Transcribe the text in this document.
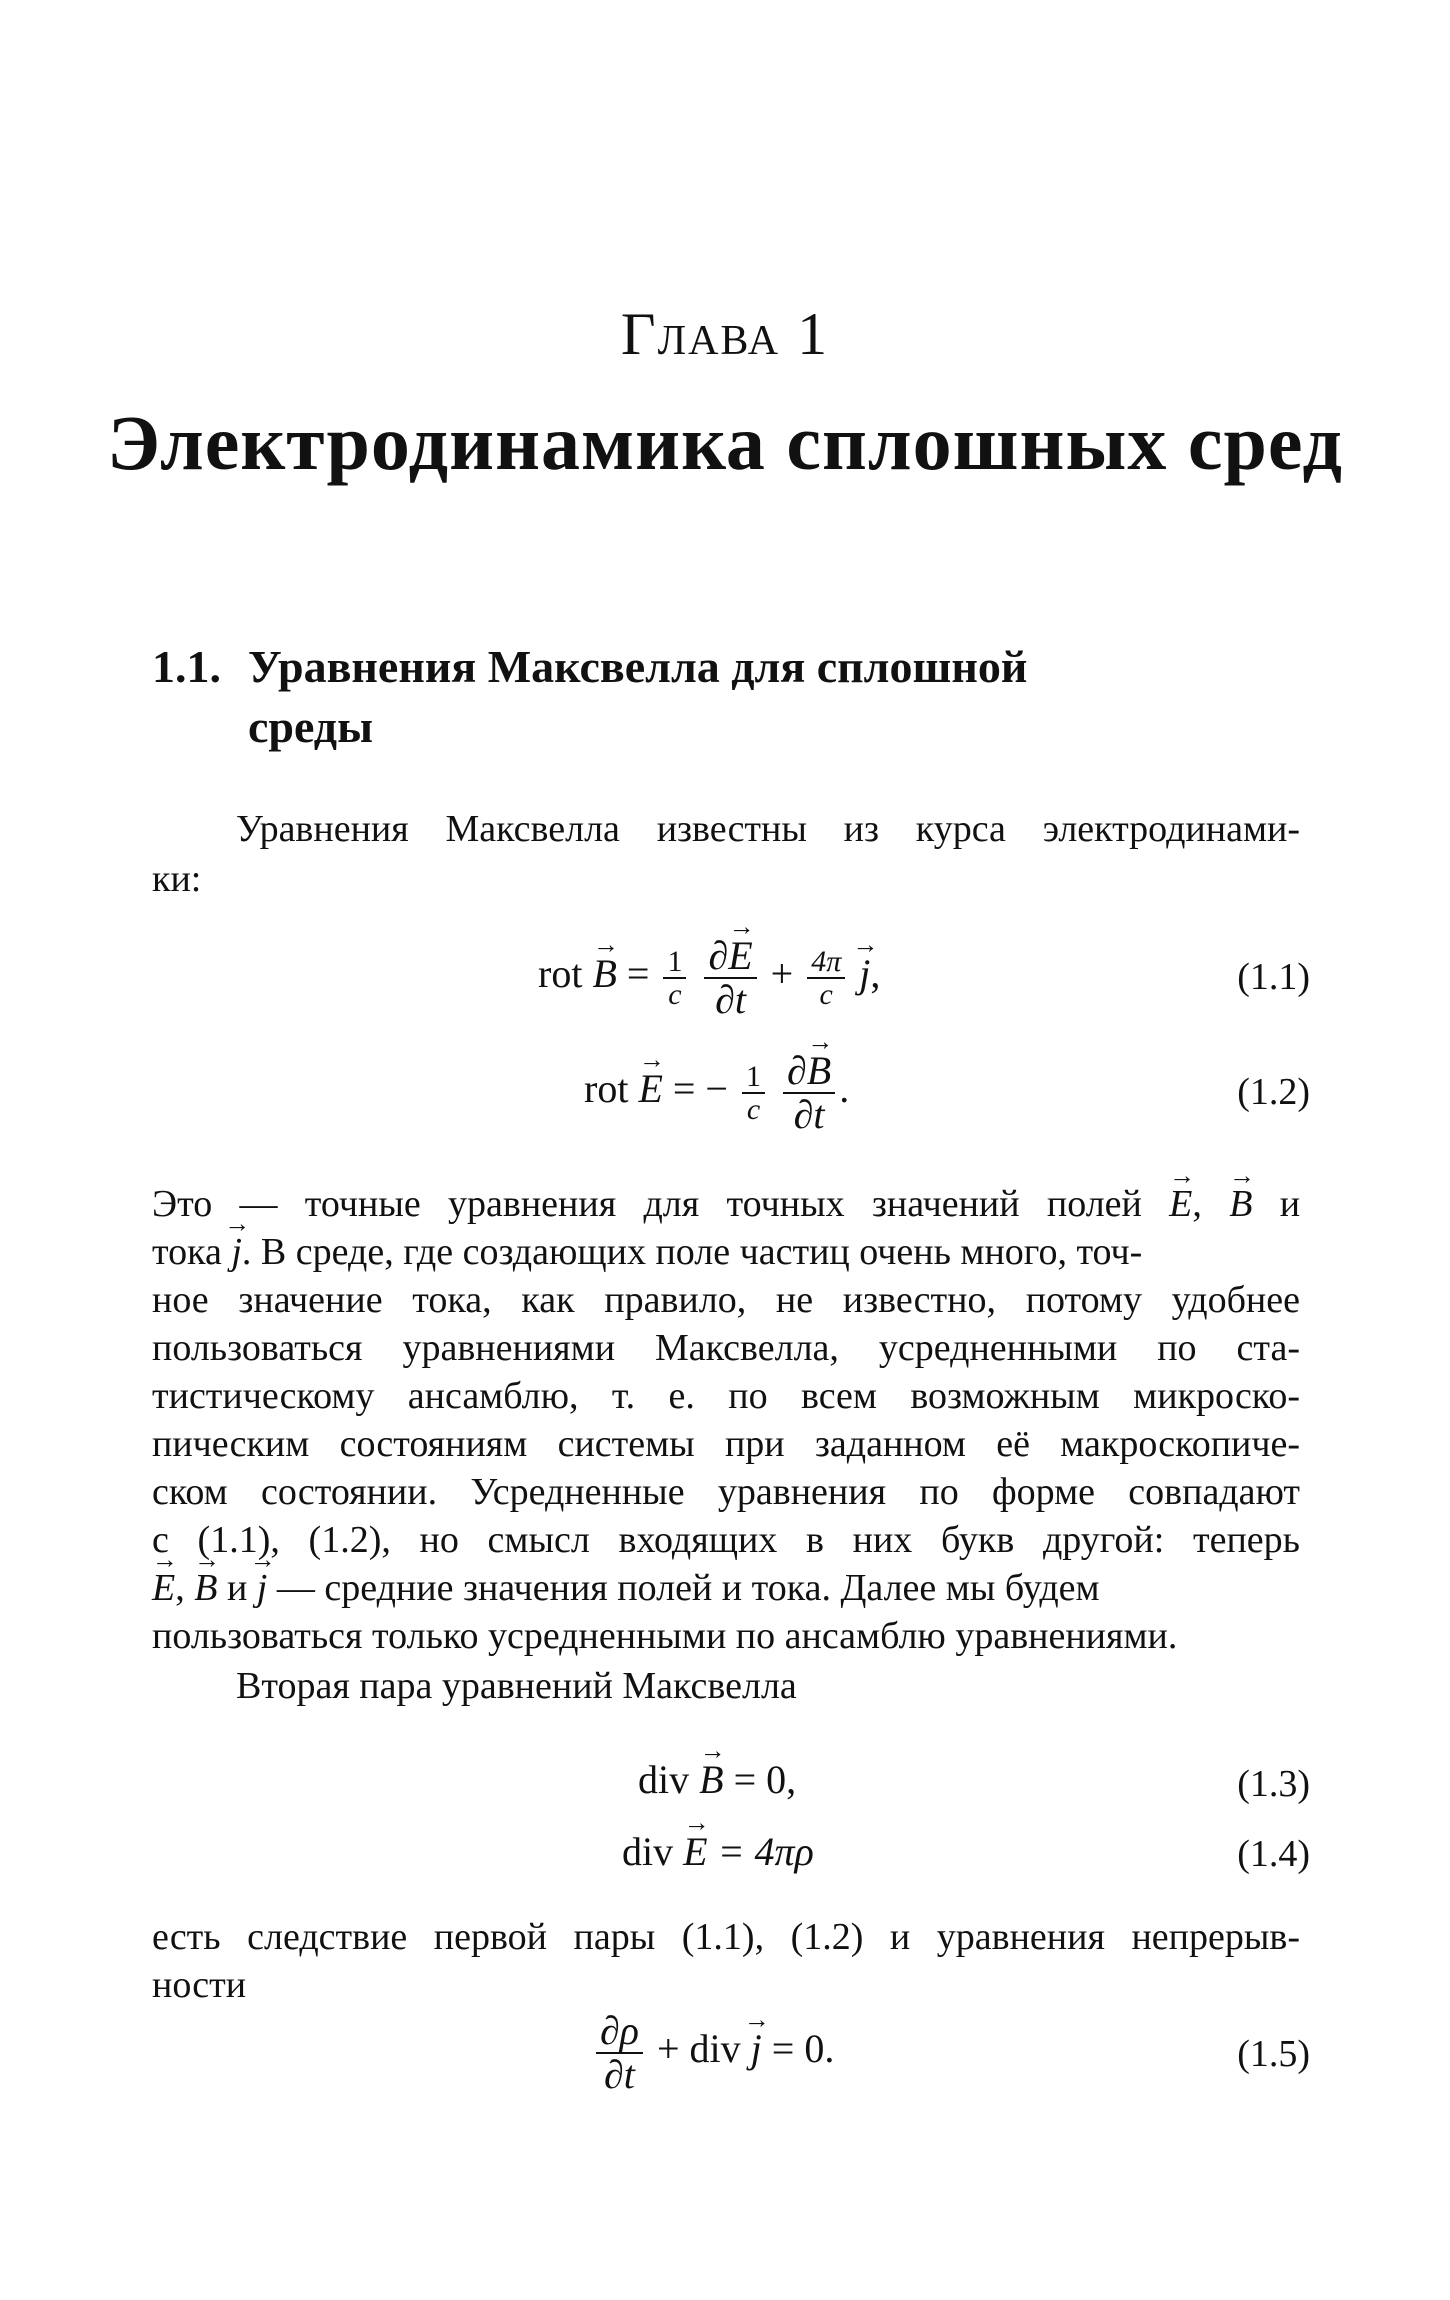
Глава 1
Электродинамика сплошных сред
1.1. Уравнения Максвелла для сплошной
среды
Уравнения Максвелла известны из курса электродинами-
ки:
rot → $B = \frac{1}{c}$
$\frac{\partial\to E}{\partial t} + \frac{4\pi}{c}$
→ j,	(1.1)
rot → E = − $\frac{1}{c}$
$\frac{\partial\to B}{\partial t}$ .	(1.2)
Это — точные уравнения для точных значений полей → E, → B и
тока → j. В среде, где создающих поле частиц очень много, точ-
ное значение тока, как правило, не известно, потому удобнее
пользоваться уравнениями Максвелла, усредненными по ста-
тистическому ансамблю, т. е. по всем возможным микроско-
пическим состояниям системы при заданном её макроскопиче-
ском состоянии. Усредненные уравнения по форме совпадают
с (1.1), (1.2), но смысл входящих в них букв другой: теперь
→ E, → B и → j — средние значения полей и тока. Далее мы будем
пользоваться только усредненными по ансамблю уравнениями.
Вторая пара уравнений Максвелла
div → B = 0,	(1.3)
div → E = 4πρ	(1.4)
есть следствие первой пары (1.1), (1.2) и уравнения непрерыв-
ности
$\frac{\partial\rho}{\partial t}$ + div → j = 0.	(1.5)
